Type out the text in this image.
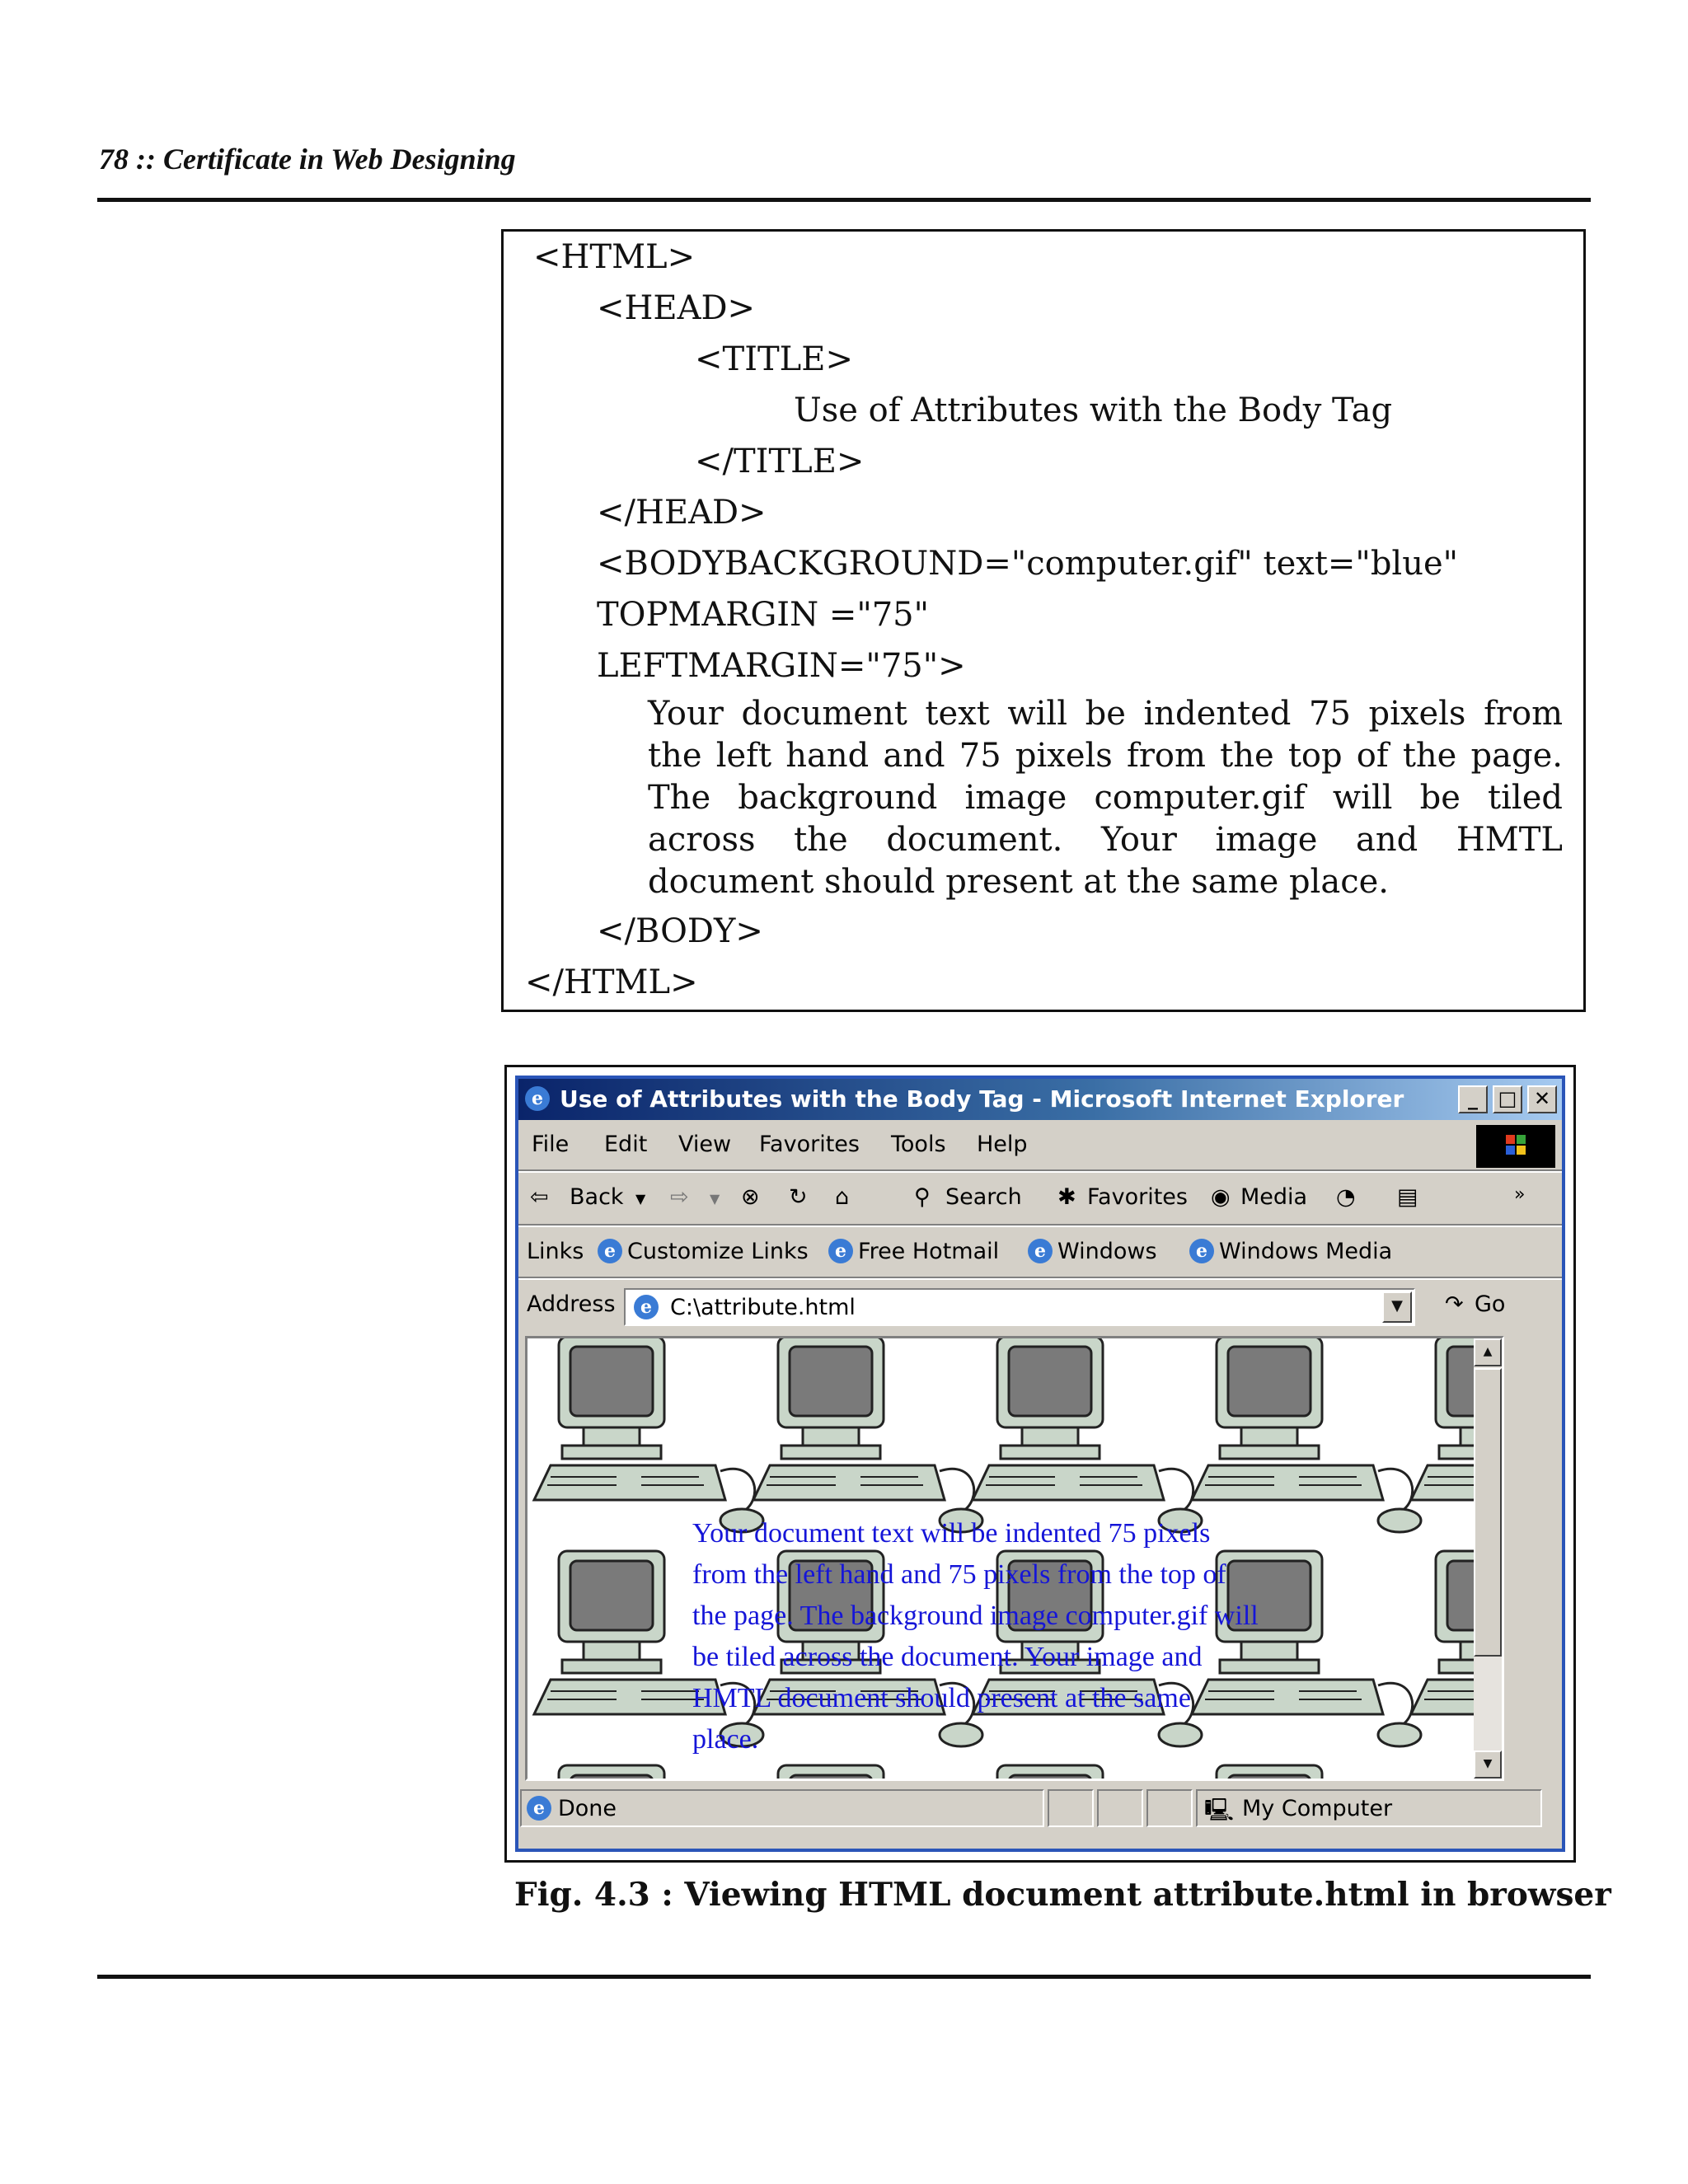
78 :: Certificate in Web Designing
<HTML>
<HEAD>
<TITLE>
Use of Attributes with the Body Tag
</TITLE>
</HEAD>
<BODYBACKGROUND="computer.gif" text="blue"
TOPMARGIN ="75"
LEFTMARGIN="75">
Your document text will be indented 75 pixels from the left hand and 75 pixels from the top of the page. The background image computer.gif will be tiled across the document. Your image and HMTL document should present at the same place.
</BODY>
</HTML>
e Use of Attributes with the Body Tag - Microsoft Internet Explorer	_	□ ✕
File Edit View Favorites Tools Help
⇦ Back ▼ ⇨ ▼ ⊗ ↻ ⌂	⚲ Search ✱ Favorites ◉ Media ◔ ▤	»
Links	e Customize Links	e Free Hotmail	e Windows	e Windows Media
Address	e C:\attribute.html	▼	↷ Go
Your document text will be indented 75 pixels
from the left hand and 75 pixels from the top of
the page. The background image computer.gif will
be tiled across the document. Your image and
HMTL document should present at the same
place.
▲
▼
e Done	🖳 My Computer
Fig. 4.3 : Viewing HTML document attribute.html in browser
